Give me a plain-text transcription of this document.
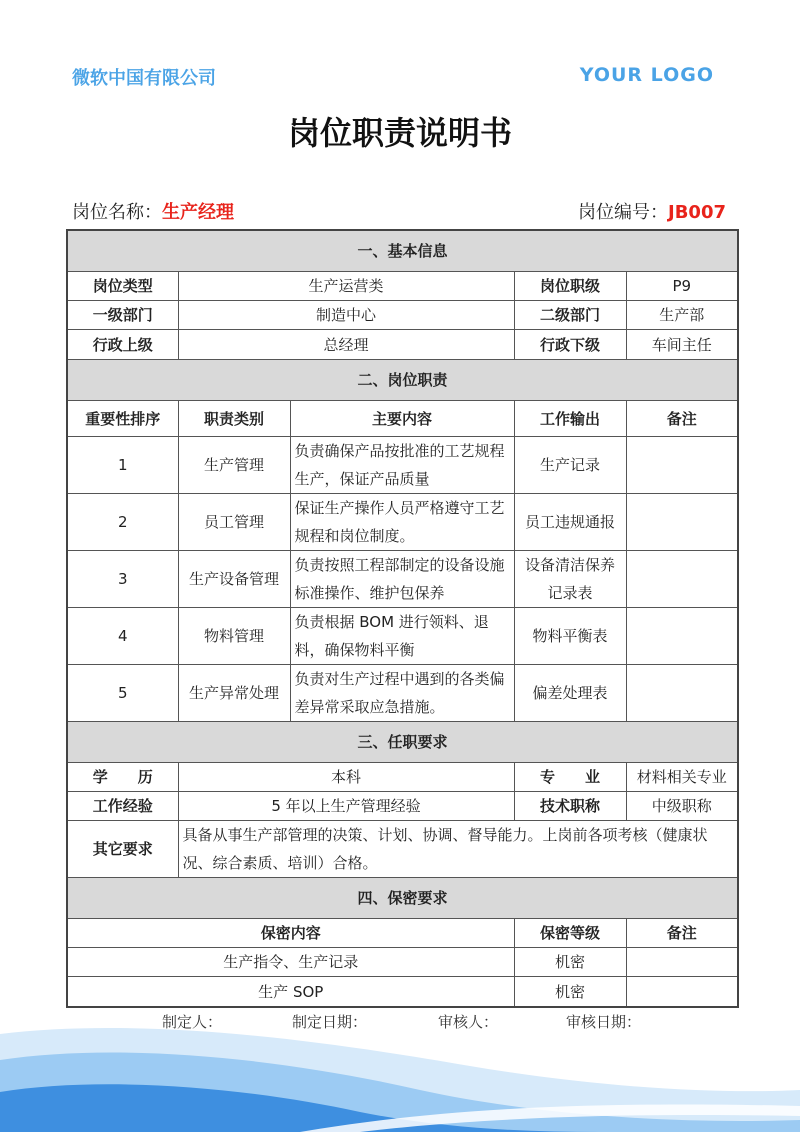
微软中国有限公司	YOUR LOGO
岗位职责说明书
岗位名称：生产经理	岗位编号：JB007
一、基本信息				
岗位类型	生产运营类		岗位职级	P9
一级部门	制造中心		二级部门	生产部
行政上级	总经理		行政下级	车间主任
二、岗位职责				
重要性排序	职责类别	主要内容	工作输出	备注
1	生产管理	负责确保产品按批准的工艺规程生产，保证产品质量	生产记录	
2	员工管理	保证生产操作人员严格遵守工艺规程和岗位制度。	员工违规通报	
3	生产设备管理	负责按照工程部制定的设备设施标准操作、维护包保养	设备清洁保养记录表	
4	物料管理	负责根据 BOM 进行领料、退料，确保物料平衡	物料平衡表	
5	生产异常处理	负责对生产过程中遇到的各类偏差异常采取应急措施。	偏差处理表	
三、任职要求				
学　　历	本科		专　　业	材料相关专业
工作经验	5 年以上生产管理经验		技术职称	中级职称
其它要求	具备从事生产部管理的决策、计划、协调、督导能力。上岗前各项考核（健康状况、综合素质、培训）合格。			
四、保密要求				
保密内容			保密等级	备注
生产指令、生产记录			机密	
生产 SOP			机密	
制定人：	制定日期：	审核人：	审核日期：
